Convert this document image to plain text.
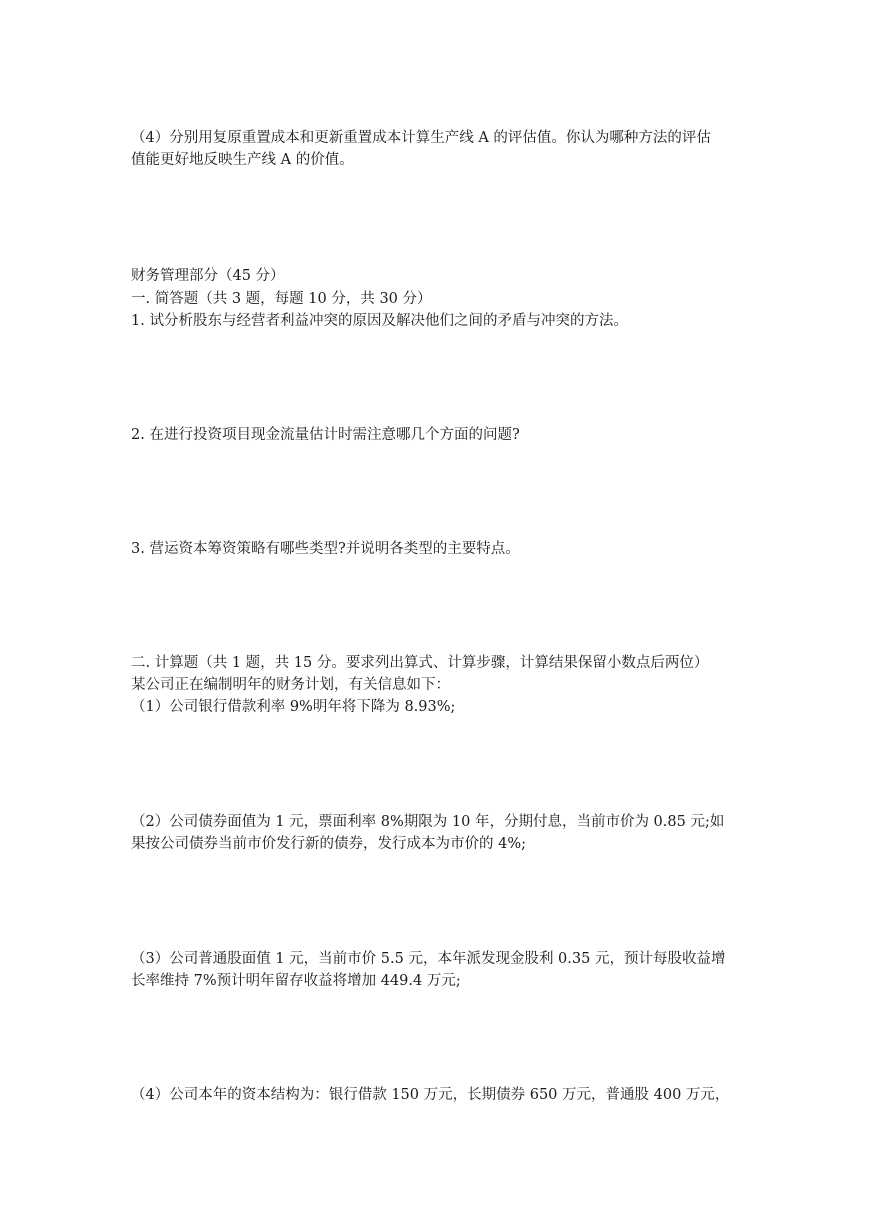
（4）分别用复原重置成本和更新重置成本计算生产线 A 的评估值。你认为哪种方法的评估
值能更好地反映生产线 A 的价值。
财务管理部分（45 分）
一. 简答题（共 3 题，每题 10 分，共 30 分）
1. 试分析股东与经营者利益冲突的原因及解决他们之间的矛盾与冲突的方法。
2. 在进行投资项目现金流量估计时需注意哪几个方面的问题?
3. 营运资本筹资策略有哪些类型?并说明各类型的主要特点。
二. 计算题（共 1 题，共 15 分。要求列出算式、计算步骤，计算结果保留小数点后两位）
某公司正在编制明年的财务计划，有关信息如下：
（1）公司银行借款利率 9%明年将下降为 8.93%;
（2）公司债券面值为 1 元，票面利率 8%期限为 10 年，分期付息，当前市价为 0.85 元;如
果按公司债券当前市价发行新的债券，发行成本为市价的 4%;
（3）公司普通股面值 1 元，当前市价 5.5 元，本年派发现金股利 0.35 元，预计每股收益增
长率维持 7%预计明年留存收益将增加 449.4 万元;
（4）公司本年的资本结构为：银行借款 150 万元，长期债券 650 万元，普通股 400 万元，
